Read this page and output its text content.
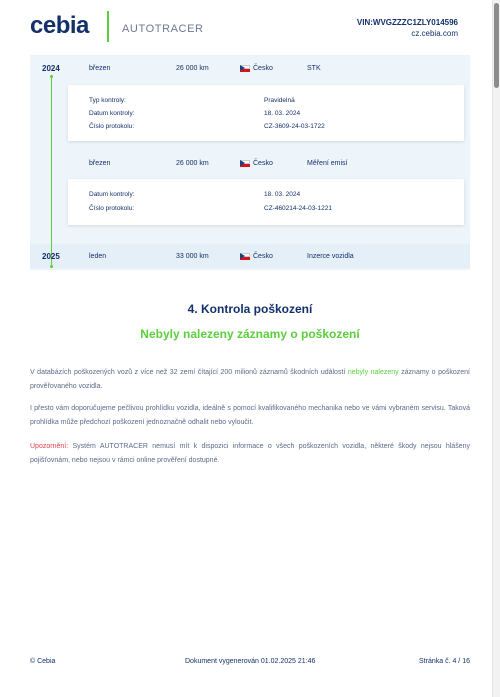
cebia	AUTOTRACER
VIN:WVGZZZC1ZLY014596
cz.cebia.com
2024	březen	26 000 km	Česko	STK
Typ kontroly:	Pravidelná
Datum kontroly:	18. 03. 2024
Číslo protokolu:	CZ-3609-24-03-1722
březen	26 000 km	Česko	Měření emisí
Datum kontroly:	18. 03. 2024
Číslo protokolu:	CZ-460214-24-03-1221
2025	leden	33 000 km	Česko	Inzerce vozidla
4. Kontrola poškození
Nebyly nalezeny záznamy o poškození

V databázích poškozených vozů z více než 32 zemí čítající 200 milionů záznamů škodních událostí nebyly nalezeny záznamy o poškození prověřovaného vozidla.

I přesto vám doporučujeme pečlivou prohlídku vozidla, ideálně s pomocí kvalifikovaného mechanika nebo ve vámi vybraném servisu. Taková prohlídka může předchozí poškození jednoznačně odhalit nebo vyloučit.

Upozornění: Systém AUTOTRACER nemusí mít k dispozici informace o všech poškozeních vozidla, některé škody nejsou hlášeny pojišťovnám, nebo nejsou v rámci online prověření dostupné.

© Cebia	Dokument vygenerován 01.02.2025 21:46	Stránka č. 4 / 16
